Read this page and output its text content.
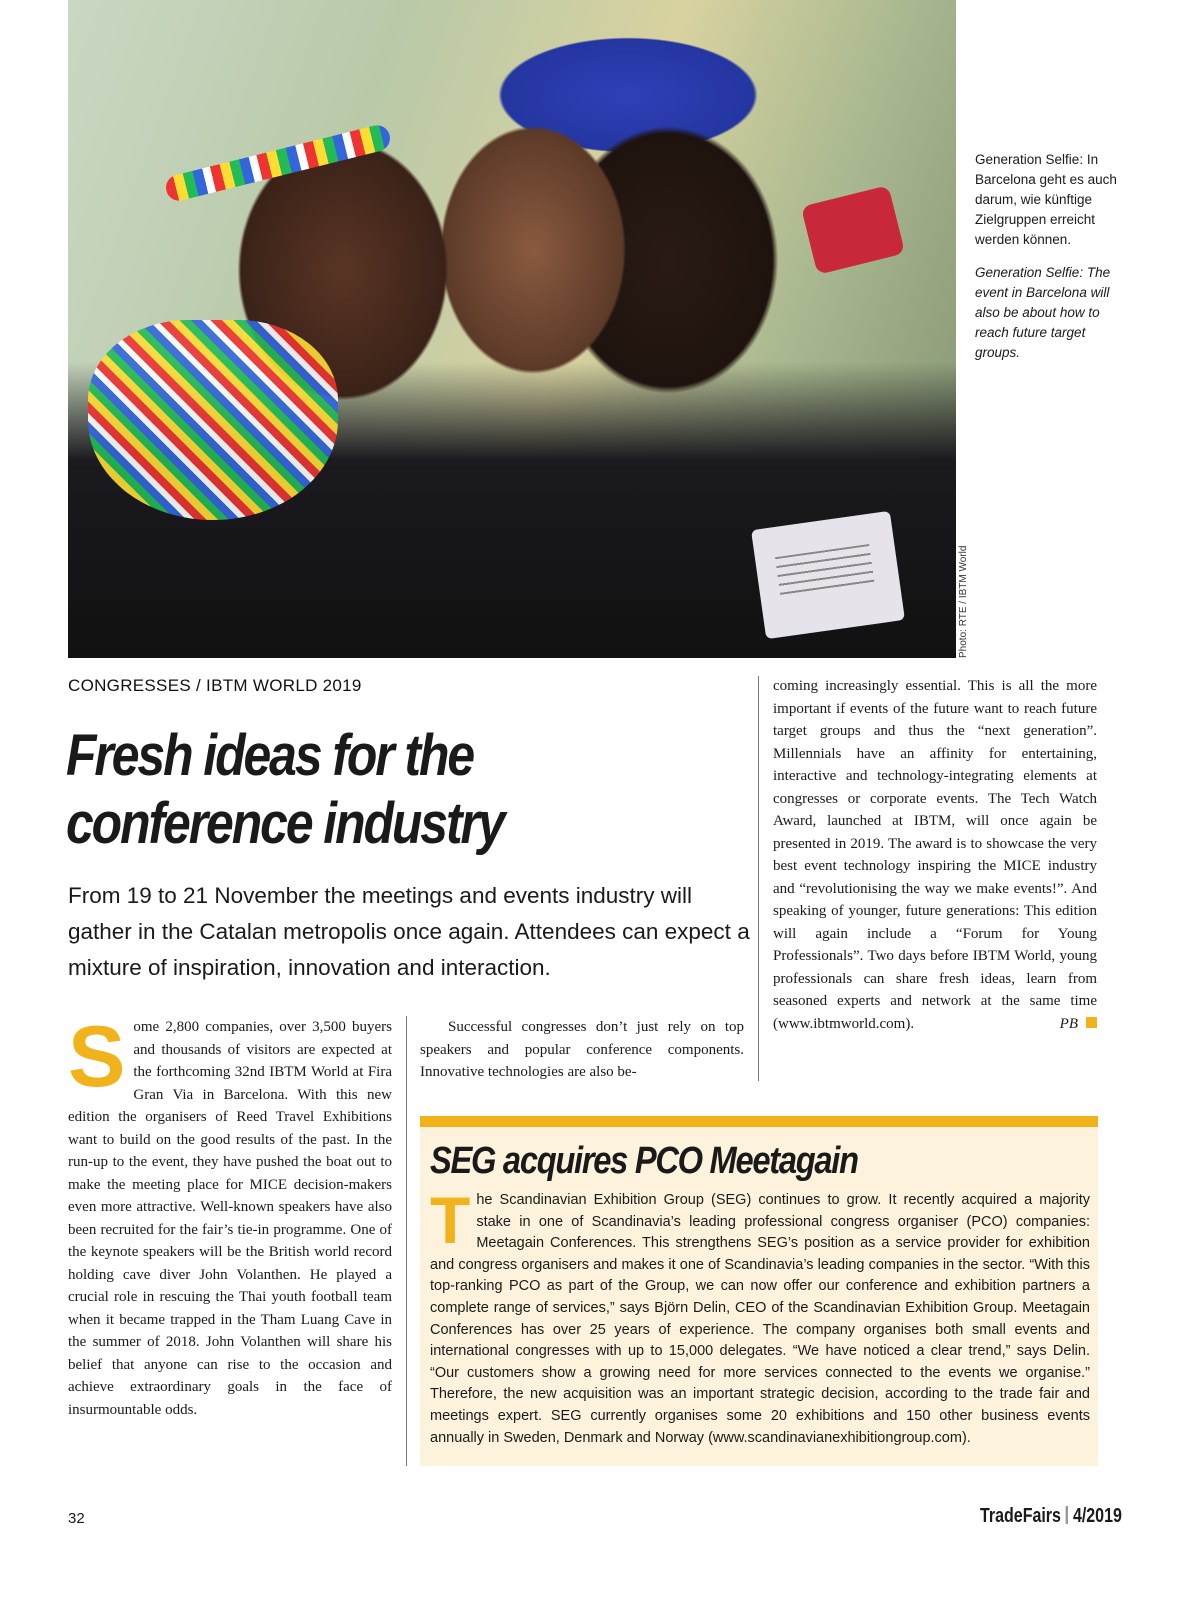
Photo: RTE / IBTM World

Generation Selfie: In Barcelona geht es auch darum, wie künftige Zielgruppen erreicht werden können.

Generation Selfie: The event in Barcelona will also be about how to reach future target groups.

CONGRESSES / IBTM WORLD 2019
Fresh ideas for the conference industry

From 19 to 21 November the meetings and events industry will gather in the Catalan metropolis once again. Attendees can expect a mixture of inspiration, innovation and interaction.

Some 2,800 companies, over 3,500 buyers and thousands of visitors are expected at the forthcoming 32nd IBTM World at Fira Gran Via in Barcelona. With this new edition the organisers of Reed Travel Exhibitions want to build on the good results of the past. In the run-up to the event, they have pushed the boat out to make the meeting place for MICE decision-makers even more attractive. Well-known speakers have also been recruited for the fair’s tie-in programme. One of the keynote speakers will be the British world record holding cave diver John Volanthen. He played a crucial role in rescuing the Thai youth football team when it became trapped in the Tham Luang Cave in the summer of 2018. John Volanthen will share his belief that anyone can rise to the occasion and achieve extraordinary goals in the face of insurmountable odds.

Successful congresses don’t just rely on top speakers and popular conference components. Innovative technologies are also be-

coming increasingly essential. This is all the more important if events of the future want to reach future target groups and thus the “next generation”. Millennials have an affinity for entertaining, interactive and technology-integrating elements at congresses or corporate events. The Tech Watch Award, launched at IBTM, will once again be presented in 2019. The award is to showcase the very best event technology inspiring the MICE industry and “revolutionising the way we make events!”. And speaking of younger, future generations: This edition will again include a “Forum for Young Professionals”. Two days before IBTM World, young professionals can share fresh ideas, learn from seasoned experts and network at the same time (www.ibtmworld.com).	PB

SEG acquires PCO Meetagain

The Scandinavian Exhibition Group (SEG) continues to grow. It recently acquired a majority stake in one of Scandinavia’s leading professional congress organiser (PCO) companies: Meetagain Conferences. This strengthens SEG’s position as a service provider for exhibition and congress organisers and makes it one of Scandinavia’s leading companies in the sector. “With this top-ranking PCO as part of the Group, we can now offer our conference and exhibition partners a complete range of services,” says Björn Delin, CEO of the Scandinavian Exhibition Group. Meetagain Conferences has over 25 years of experience. The company organises both small events and international congresses with up to 15,000 delegates. “We have noticed a clear trend,” says Delin. “Our customers show a growing need for more services connected to the events we organise.” Therefore, the new acquisition was an important strategic decision, according to the trade fair and meetings expert. SEG currently organises some 20 exhibitions and 150 other business events annually in Sweden, Denmark and Norway (www.scandinavianexhibitiongroup.com).

32	TradeFairs 4/2019
